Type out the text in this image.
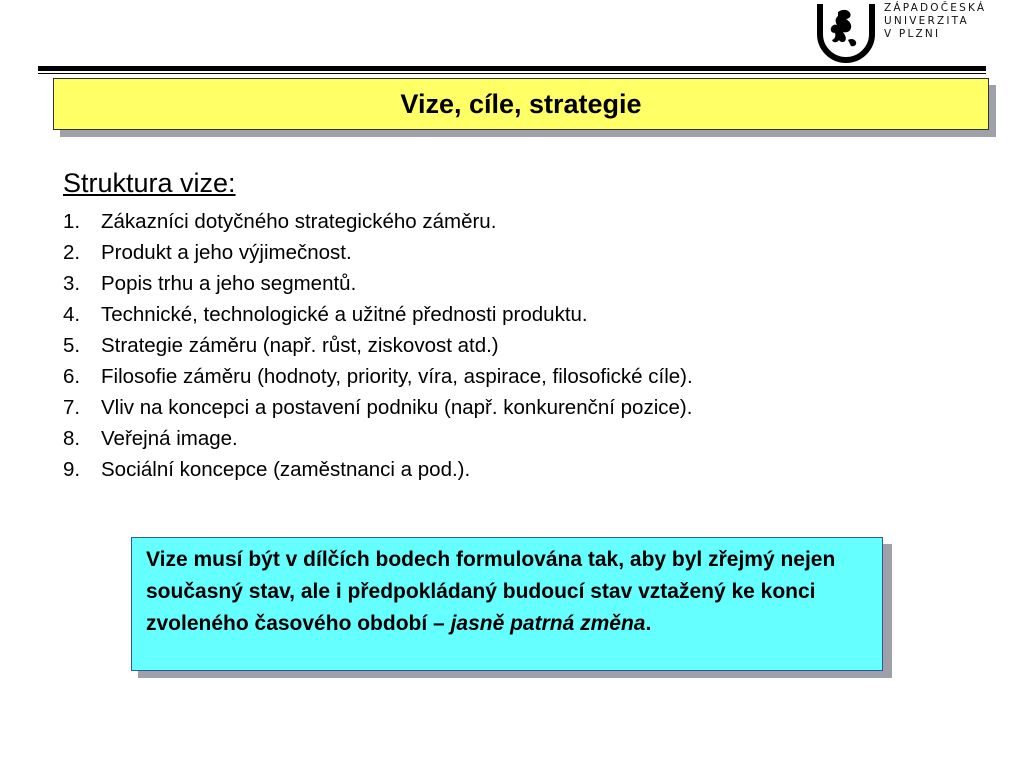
ZÁPADOČESKÁ
UNIVERZITA
V PLZNI
Vize, cíle, strategie
Struktura vize:
1.	Zákazníci dotyčného strategického záměru.
2.	Produkt a jeho výjimečnost.
3.	Popis trhu a jeho segmentů.
4.	Technické, technologické a užitné přednosti produktu.
5.	Strategie záměru (např. růst, ziskovost atd.)
6.	Filosofie záměru (hodnoty, priority, víra, aspirace, filosofické cíle).
7.	Vliv na koncepci a postavení podniku (např. konkurenční pozice).
8.	Veřejná image.
9.	Sociální koncepce (zaměstnanci a pod.).
Vize musí být v dílčích bodech formulována tak, aby byl zřejmý nejen současný stav, ale i předpokládaný budoucí stav vztažený ke konci zvoleného časového období – jasně patrná změna.
